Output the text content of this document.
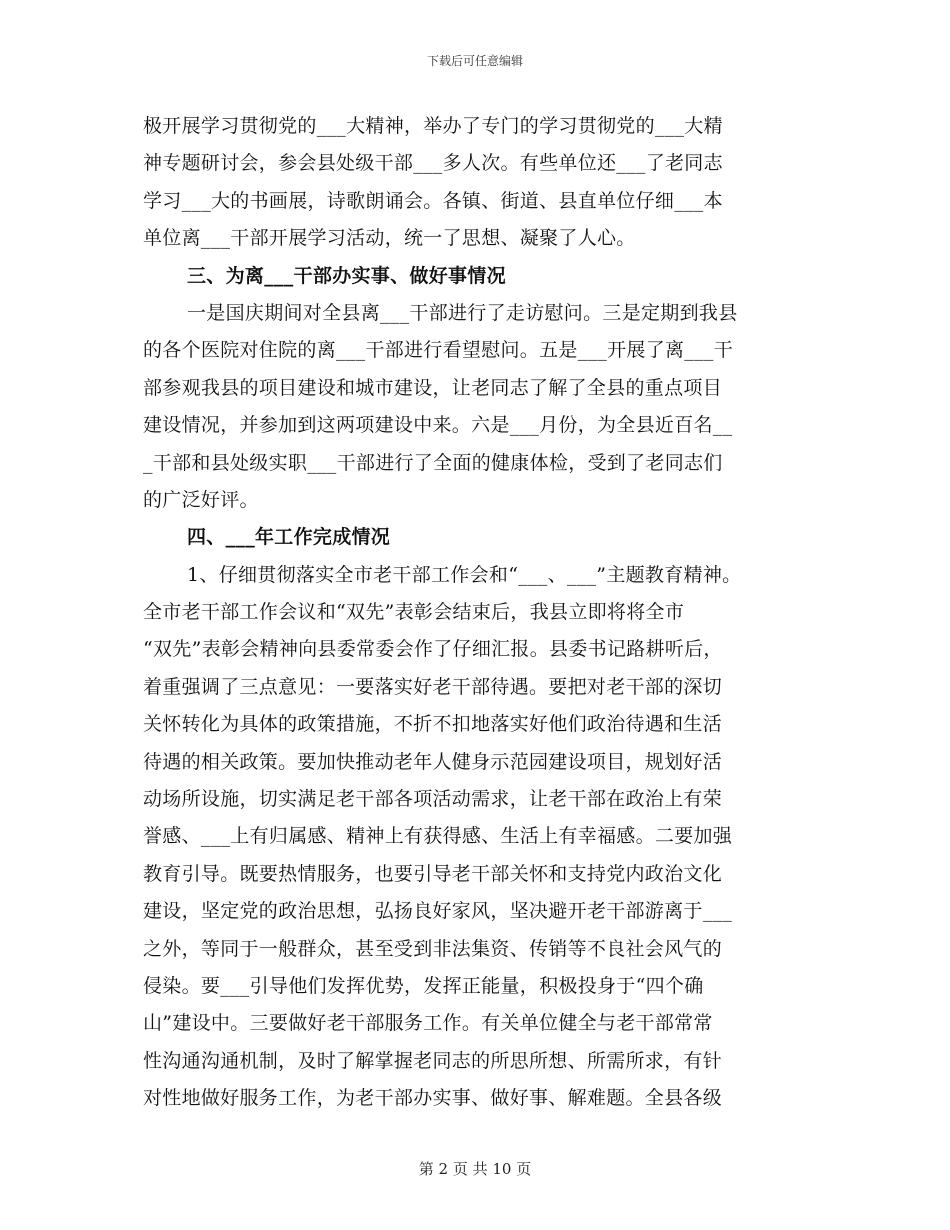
下载后可任意编辑
极开展学习贯彻党的___大精神，举办了专门的学习贯彻党的___大精
神专题研讨会，参会县处级干部___多人次。有些单位还___了老同志
学习___大的书画展，诗歌朗诵会。各镇、街道、县直单位仔细___本
单位离___干部开展学习活动，统一了思想、凝聚了人心。
三、为离___干部办实事、做好事情况
一是国庆期间对全县离___干部进行了走访慰问。三是定期到我县
的各个医院对住院的离___干部进行看望慰问。五是___开展了离___干
部参观我县的项目建设和城市建设，让老同志了解了全县的重点项目
建设情况，并参加到这两项建设中来。六是___月份，为全县近百名__
_干部和县处级实职___干部进行了全面的健康体检，受到了老同志们
的广泛好评。
四、___年工作完成情况
1、仔细贯彻落实全市老干部工作会和“___、___”主题教育精神。
全市老干部工作会议和“双先”表彰会结束后，我县立即将将全市
“双先”表彰会精神向县委常委会作了仔细汇报。县委书记路耕听后，
着重强调了三点意见：一要落实好老干部待遇。要把对老干部的深切
关怀转化为具体的政策措施，不折不扣地落实好他们政治待遇和生活
待遇的相关政策。要加快推动老年人健身示范园建设项目，规划好活
动场所设施，切实满足老干部各项活动需求，让老干部在政治上有荣
誉感、___上有归属感、精神上有获得感、生活上有幸福感。二要加强
教育引导。既要热情服务，也要引导老干部关怀和支持党内政治文化
建设，坚定党的政治思想，弘扬良好家风，坚决避开老干部游离于___
之外，等同于一般群众，甚至受到非法集资、传销等不良社会风气的
侵染。要___引导他们发挥优势，发挥正能量，积极投身于“四个确
山”建设中。三要做好老干部服务工作。有关单位健全与老干部常常
性沟通沟通机制，及时了解掌握老同志的所思所想、所需所求，有针
对性地做好服务工作，为老干部办实事、做好事、解难题。全县各级
第 2 页 共 10 页
